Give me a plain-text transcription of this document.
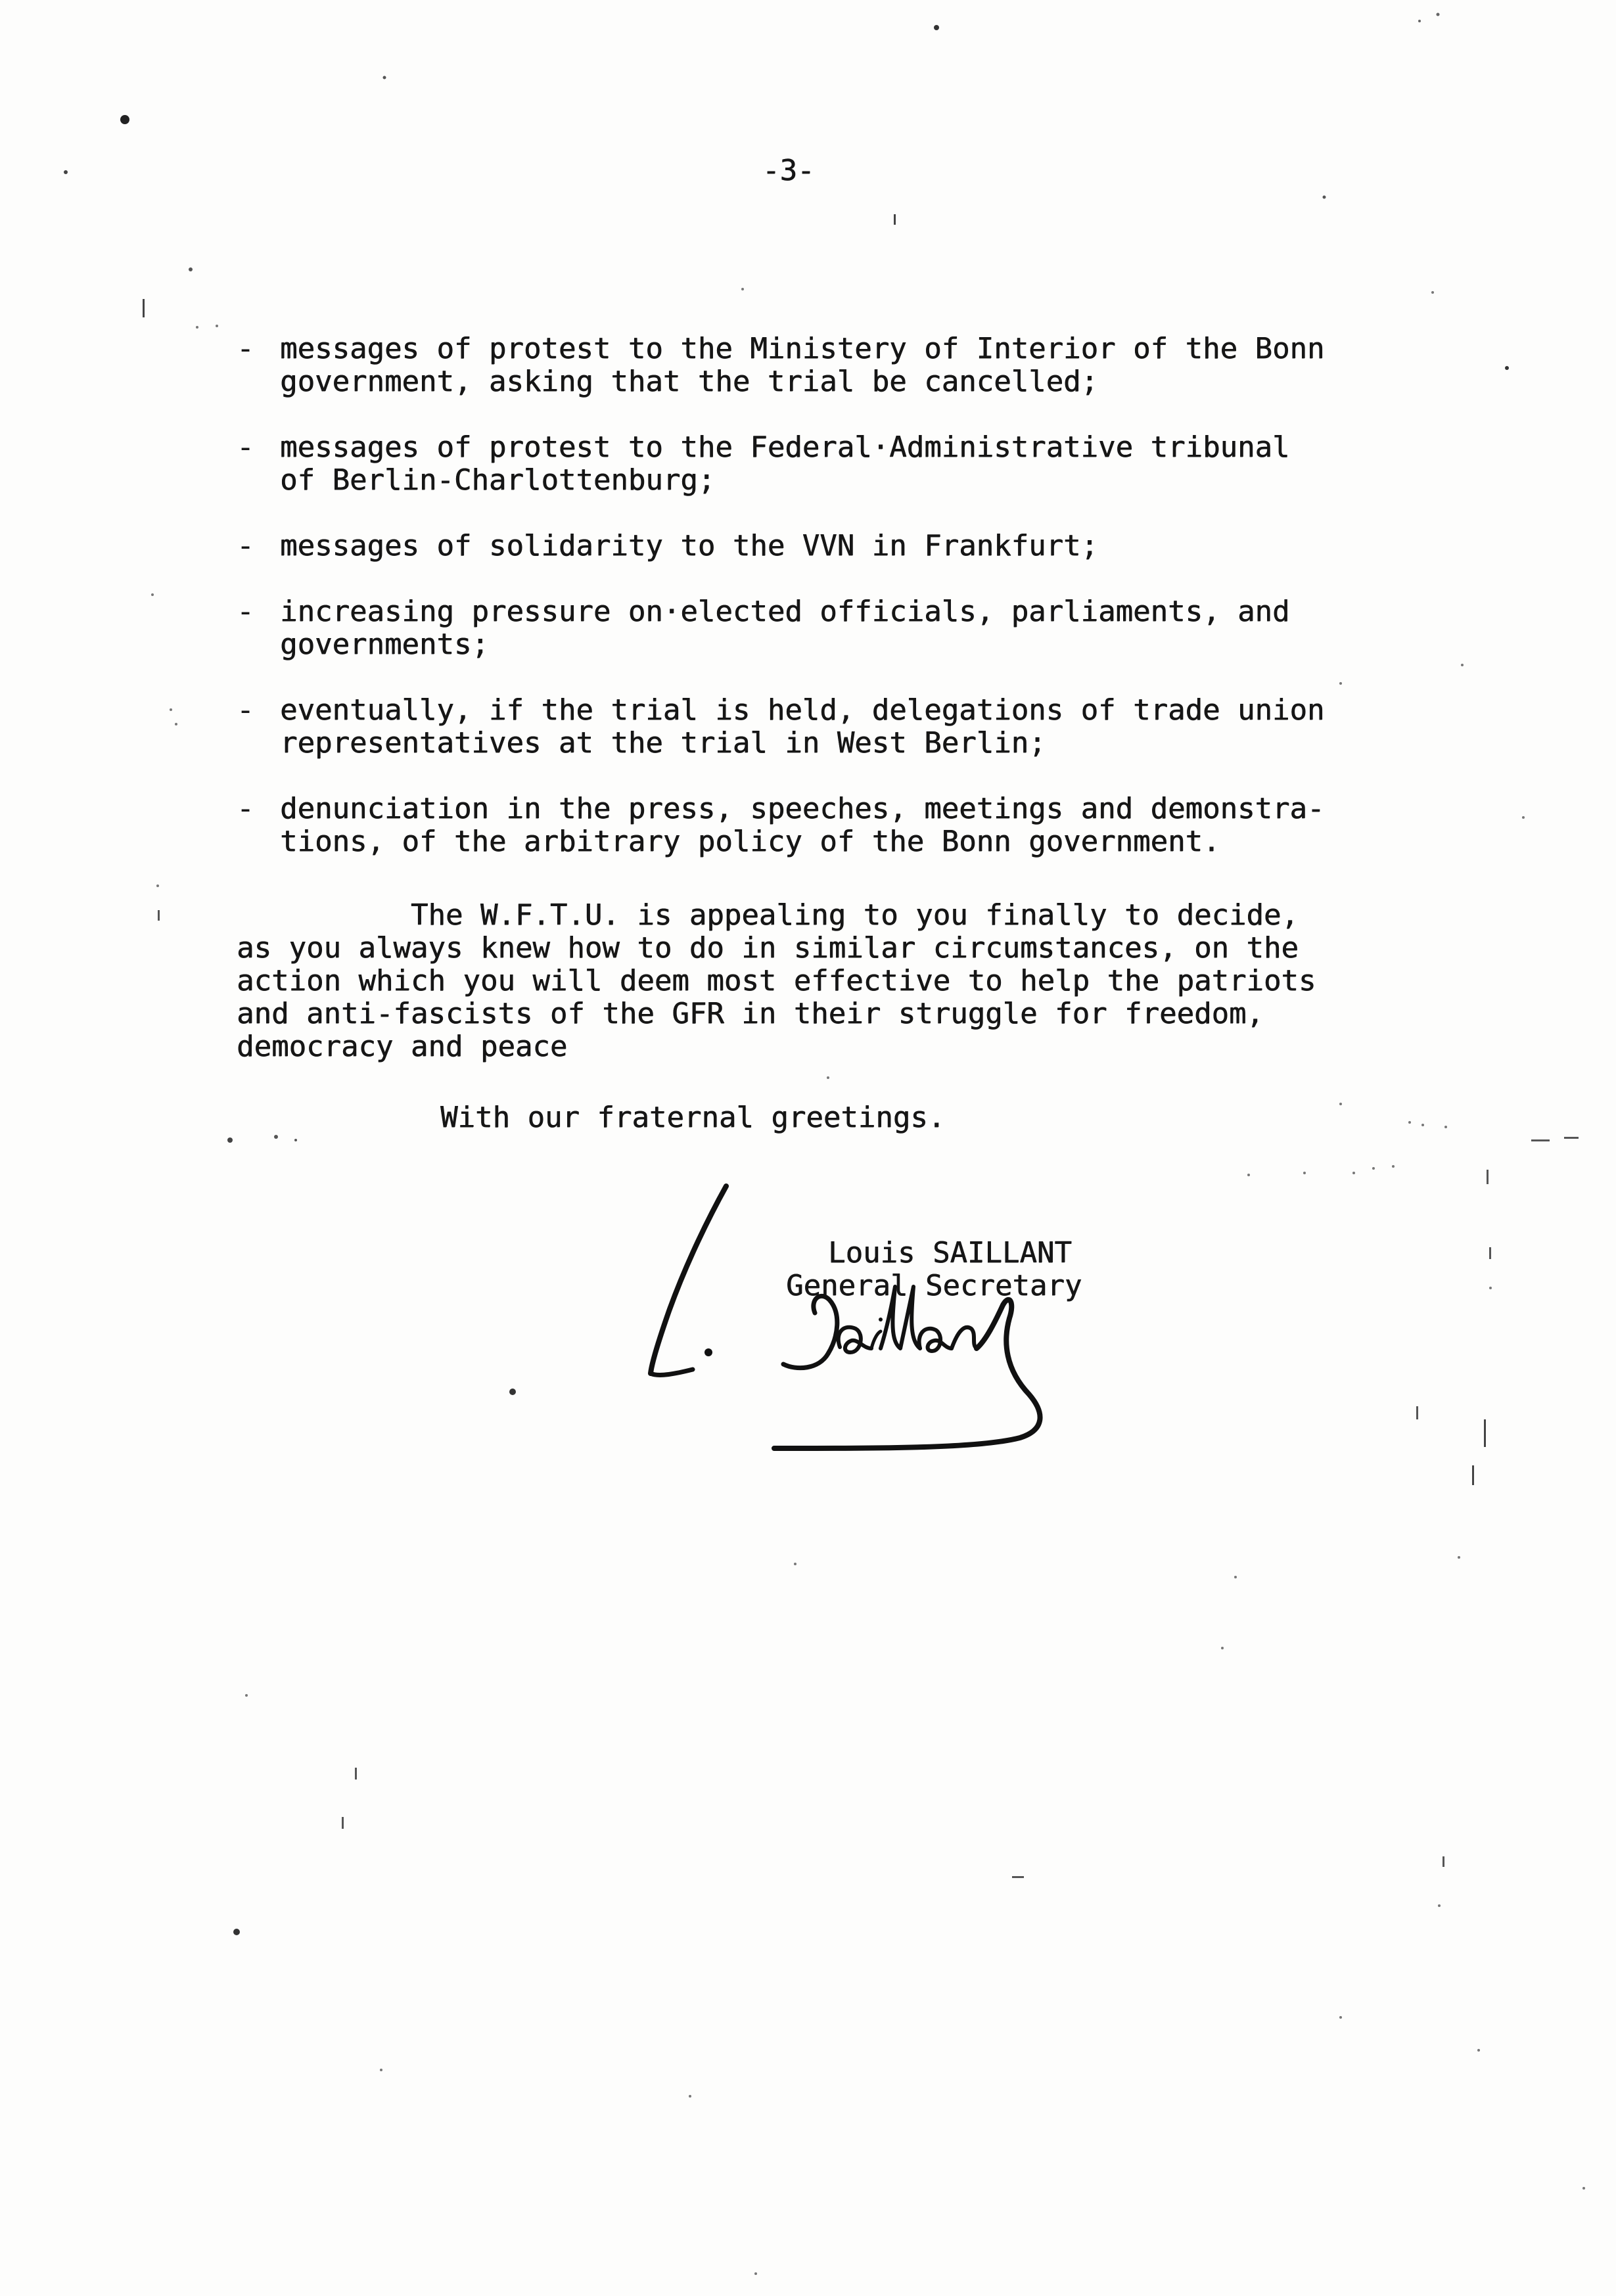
-3-

- messages of protest to the Ministery of Interior of the Bonn
government, asking that the trial be cancelled;
- messages of protest to the Federal·Administrative tribunal
of Berlin-Charlottenburg;
- messages of solidarity to the VVN in Frankfurt;
- increasing pressure on·elected officials, parliaments, and
governments;
- eventually, if the trial is held, delegations of trade union
representatives at the trial in West Berlin;
- denunciation in the press, speeches, meetings and demonstra-
tions, of the arbitrary policy of the Bonn government.
The W.F.T.U. is appealing to you finally to decide,
as you always knew how to do in similar circumstances, on the
action which you will deem most effective to help the patriots
and anti-fascists of the GFR in their struggle for freedom,
democracy and peace

With our fraternal greetings.

Louis SAILLANT

General Secretary
